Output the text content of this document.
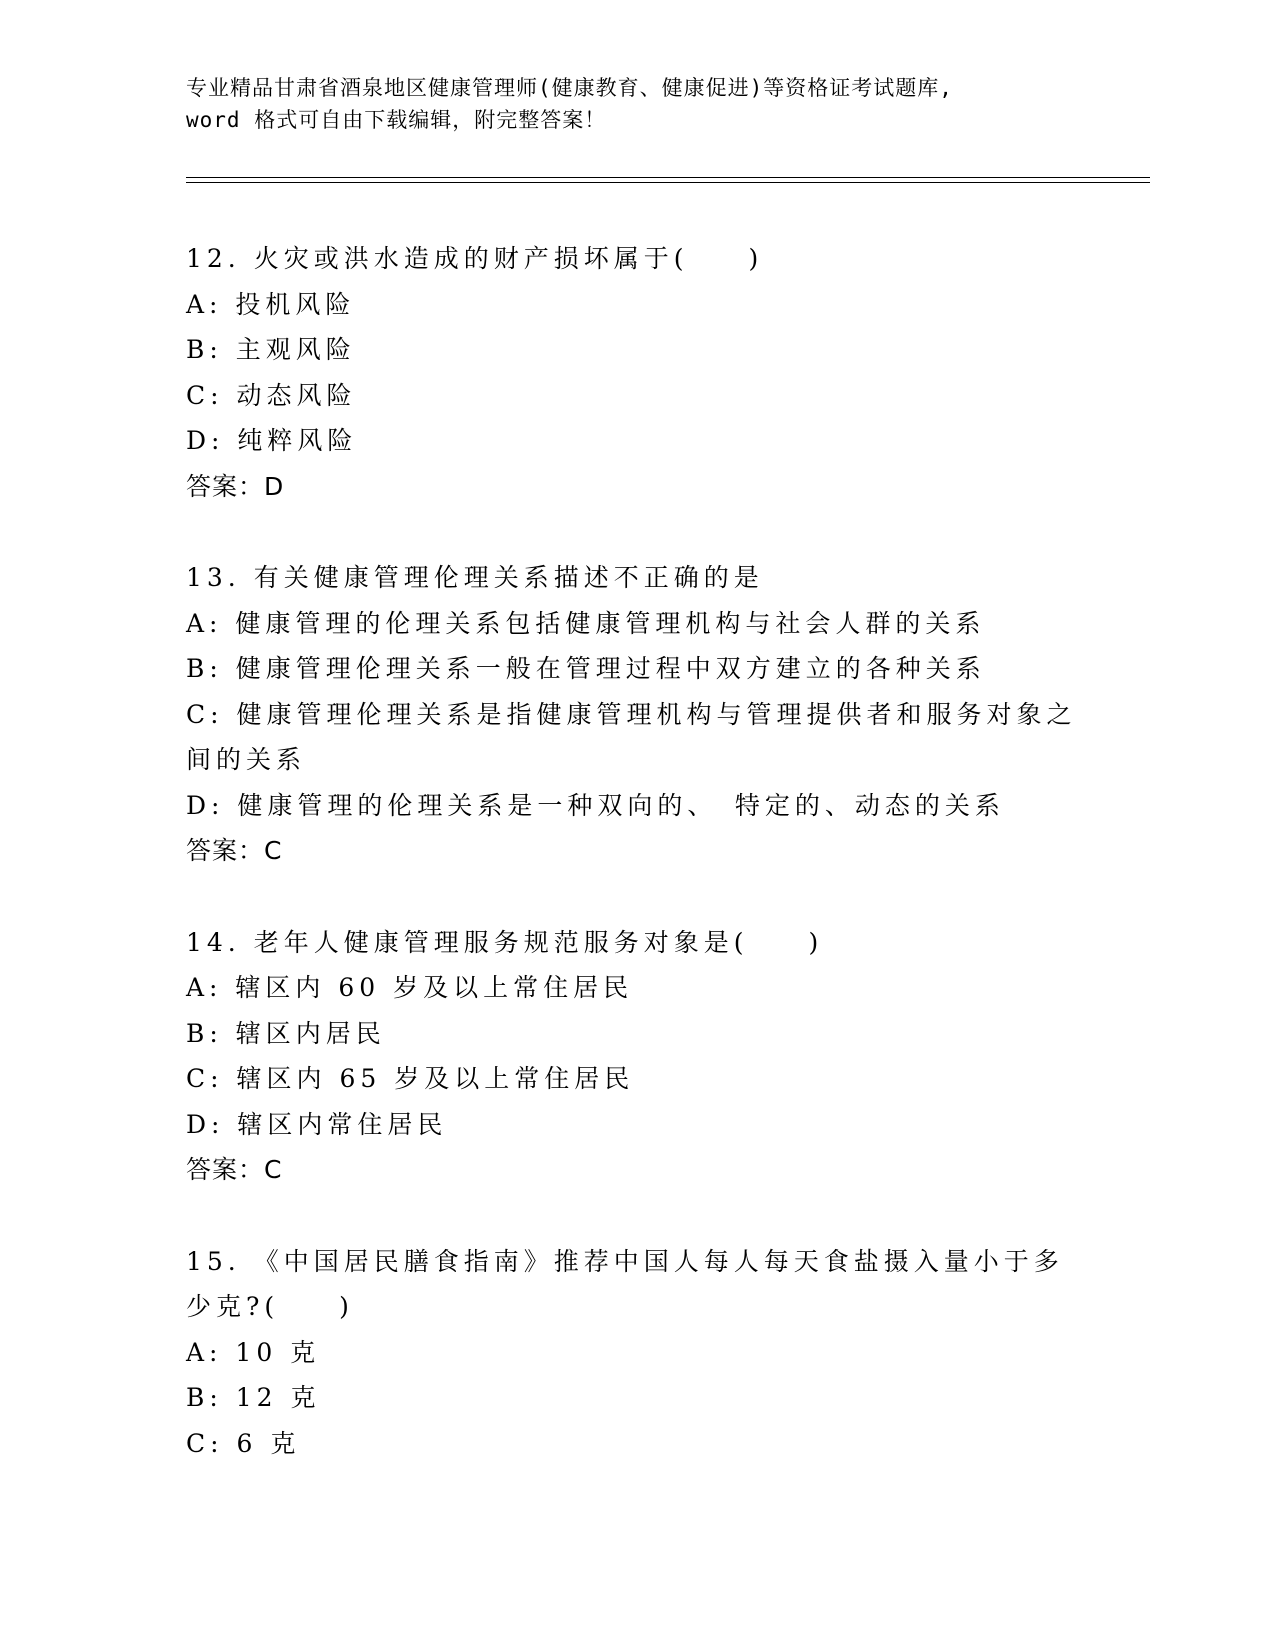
专业精品甘肃省酒泉地区健康管理师(健康教育、健康促进)等资格证考试题库,
word 格式可自由下载编辑，附完整答案！
12. 火灾或洪水造成的财产损坏属于(　　)
A: 投机风险
B: 主观风险
C: 动态风险
D: 纯粹风险
答案：D
13. 有关健康管理伦理关系描述不正确的是
A: 健康管理的伦理关系包括健康管理机构与社会人群的关系
B: 健康管理伦理关系一般在管理过程中双方建立的各种关系
C: 健康管理伦理关系是指健康管理机构与管理提供者和服务对象之间的关系
D: 健康管理的伦理关系是一种双向的、　特定的、动态的关系
答案：C
14. 老年人健康管理服务规范服务对象是(　　)
A: 辖区内 60 岁及以上常住居民
B: 辖区内居民
C: 辖区内 65 岁及以上常住居民
D: 辖区内常住居民
答案：C
15. 《中国居民膳食指南》推荐中国人每人每天食盐摄入量小于多少克?(　　)
A: 10 克
B: 12 克
C: 6 克
